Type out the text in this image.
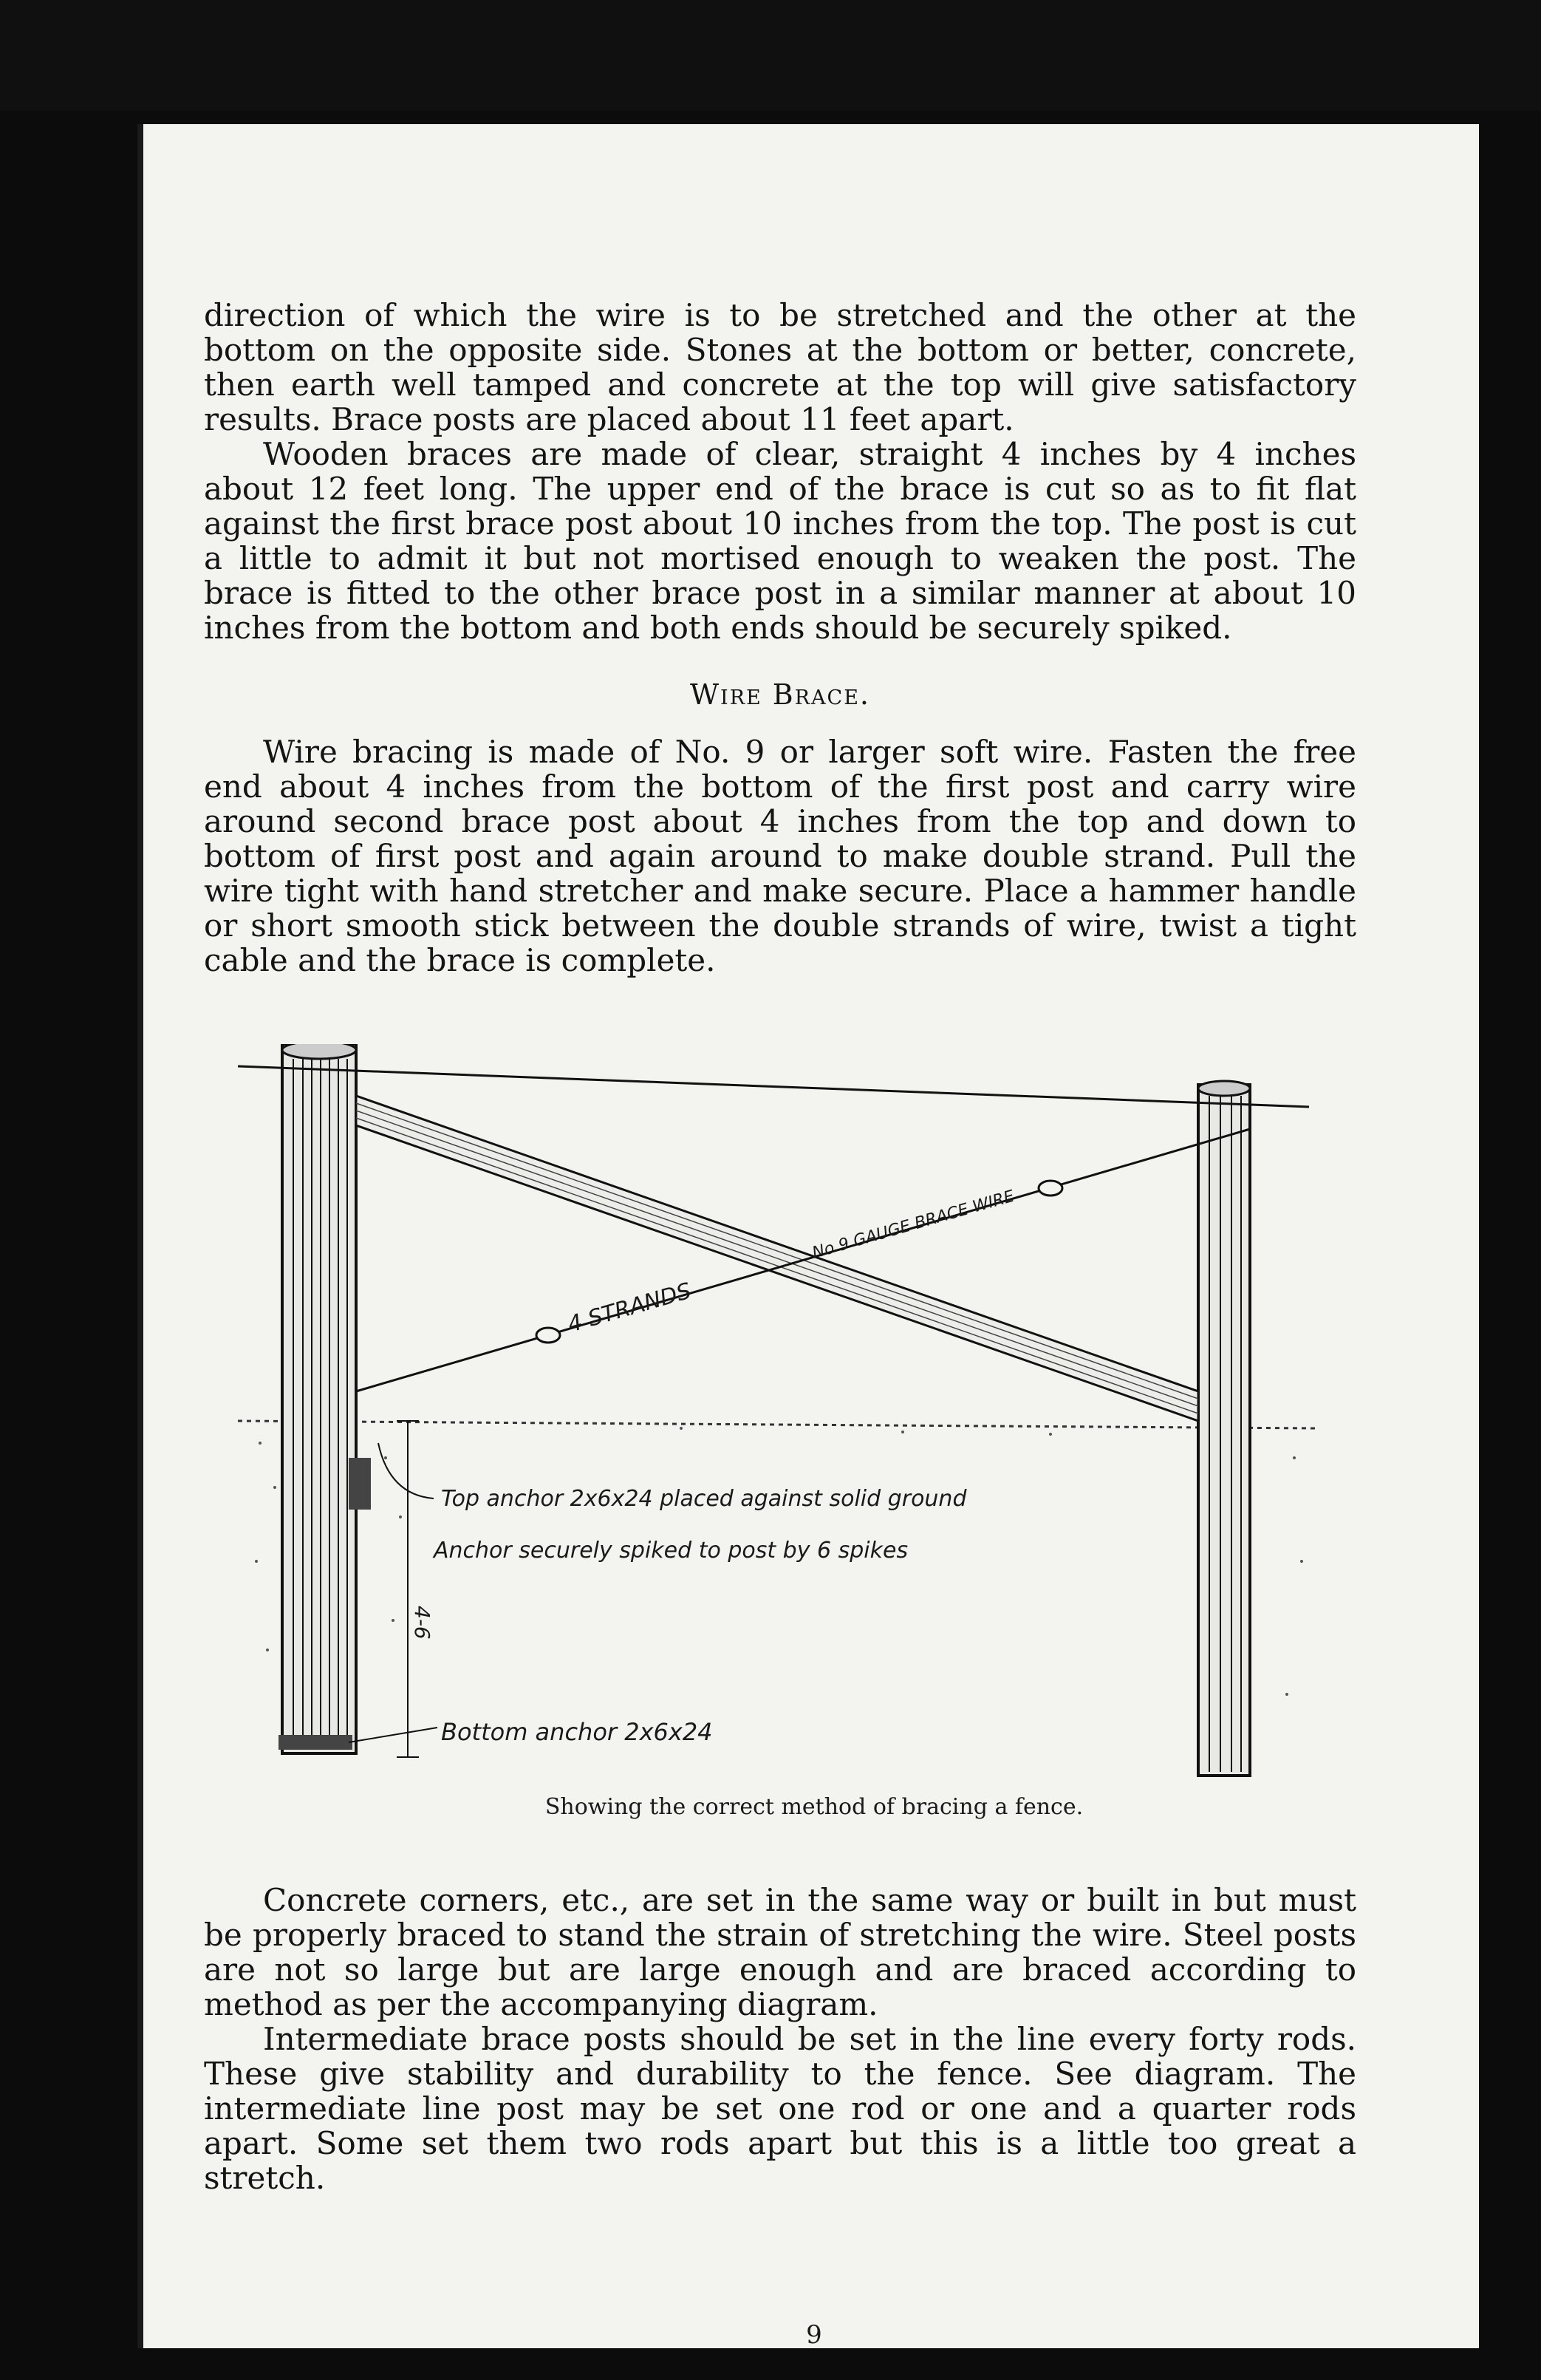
direction of which the wire is to be stretched and the other at the bottom on the opposite side. Stones at the bottom or better, concrete, then earth well tamped and concrete at the top will give satisfactory results. Brace posts are placed about 11 feet apart.

Wooden braces are made of clear, straight 4 inches by 4 inches about 12 feet long. The upper end of the brace is cut so as to fit flat against the first brace post about 10 inches from the top. The post is cut a little to admit it but not mortised enough to weaken the post. The brace is fitted to the other brace post in a similar manner at about 10 inches from the bottom and both ends should be securely spiked.

Wire Brace.

Wire bracing is made of No. 9 or larger soft wire. Fasten the free end about 4 inches from the bottom of the first post and carry wire around second brace post about 4 inches from the top and down to bottom of first post and again around to make double strand. Pull the wire tight with hand stretcher and make secure. Place a hammer handle or short smooth stick between the double strands of wire, twist a tight cable and the brace is complete.

4 STRANDS
No 9 GAUGE BRACE WIRE
Top anchor 2x6x24 placed against solid ground
Anchor securely spiked to post by 6 spikes
4-6
Bottom anchor 2x6x24
Showing the correct method of bracing a fence.

Concrete corners, etc., are set in the same way or built in but must be properly braced to stand the strain of stretching the wire. Steel posts are not so large but are large enough and are braced according to method as per the accompanying diagram.

Intermediate brace posts should be set in the line every forty rods. These give stability and durability to the fence. See diagram. The intermediate line post may be set one rod or one and a quarter rods apart. Some set them two rods apart but this is a little too great a stretch.

9
